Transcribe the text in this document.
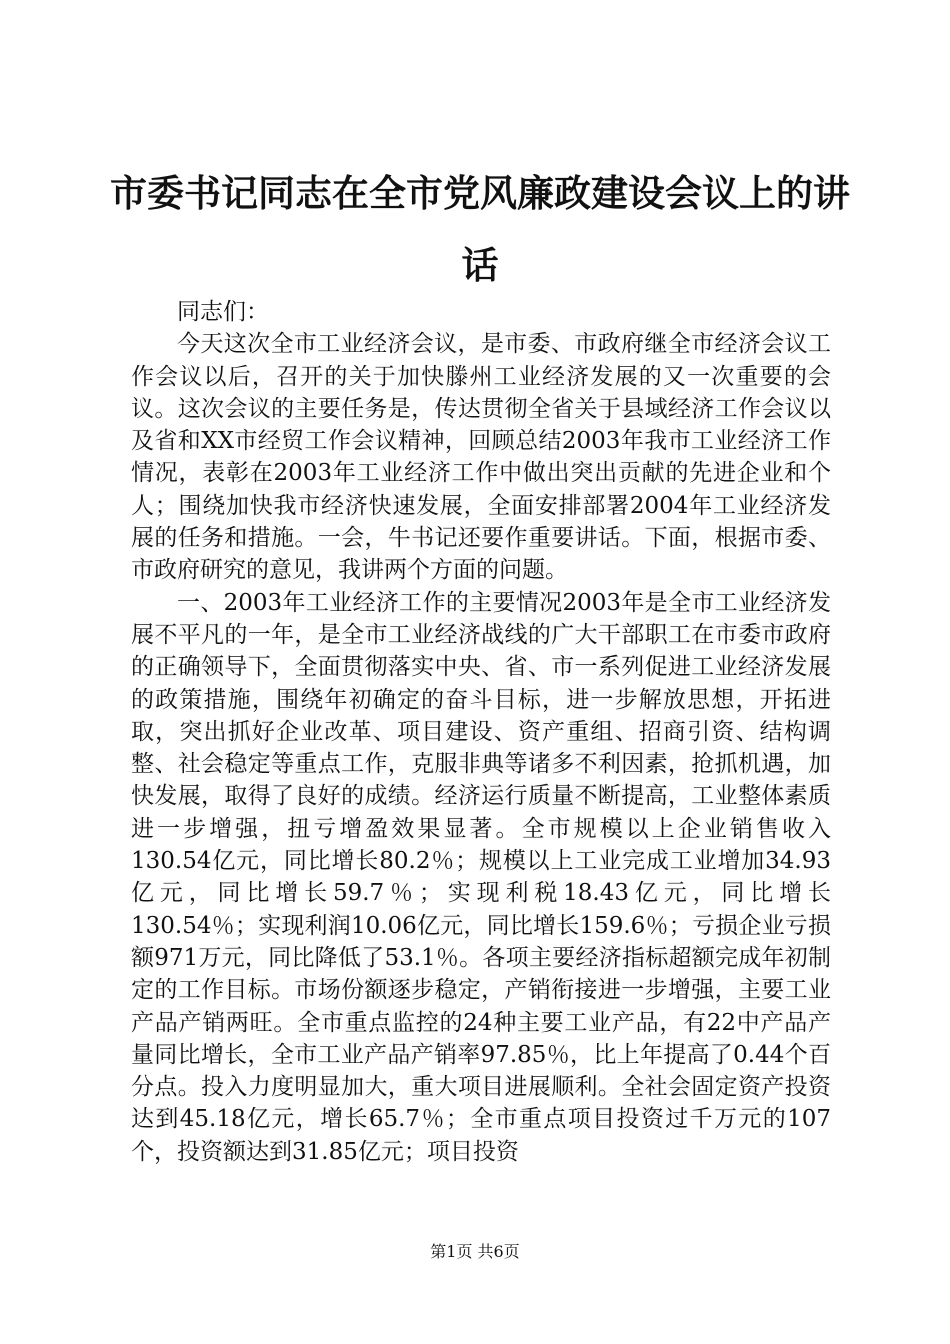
市委书记同志在全市党风廉政建设会议上的讲话

同志们：

今天这次全市工业经济会议，是市委、市政府继全市经济会议工作会议以后，召开的关于加快滕州工业经济发展的又一次重要的会议。这次会议的主要任务是，传达贯彻全省关于县域经济工作会议以及省和XX市经贸工作会议精神，回顾总结2003年我市工业经济工作情况，表彰在2003年工业经济工作中做出突出贡献的先进企业和个人；围绕加快我市经济快速发展，全面安排部署2004年工业经济发展的任务和措施。一会，牛书记还要作重要讲话。下面，根据市委、市政府研究的意见，我讲两个方面的问题。

一、2003年工业经济工作的主要情况2003年是全市工业经济发展不平凡的一年，是全市工业经济战线的广大干部职工在市委市政府的正确领导下，全面贯彻落实中央、省、市一系列促进工业经济发展的政策措施，围绕年初确定的奋斗目标，进一步解放思想，开拓进取，突出抓好企业改革、项目建设、资产重组、招商引资、结构调整、社会稳定等重点工作，克服非典等诸多不利因素，抢抓机遇，加快发展，取得了良好的成绩。经济运行质量不断提高，工业整体素质进一步增强，扭亏增盈效果显著。全市规模以上企业销售收入130.54亿元，同比增长80.2％；规模以上工业完成工业增加34.93亿元，同比增长59.7％；实现利税18.43亿元，同比增长130.54％；实现利润10.06亿元，同比增长159.6％；亏损企业亏损额971万元，同比降低了53.1％。各项主要经济指标超额完成年初制定的工作目标。市场份额逐步稳定，产销衔接进一步增强，主要工业产品产销两旺。全市重点监控的24种主要工业产品，有22中产品产量同比增长，全市工业产品产销率97.85％，比上年提高了0.44个百分点。投入力度明显加大，重大项目进展顺利。全社会固定资产投资达到45.18亿元，增长65.7％；全市重点项目投资过千万元的107个，投资额达到31.85亿元；项目投资

第1页 共6页
